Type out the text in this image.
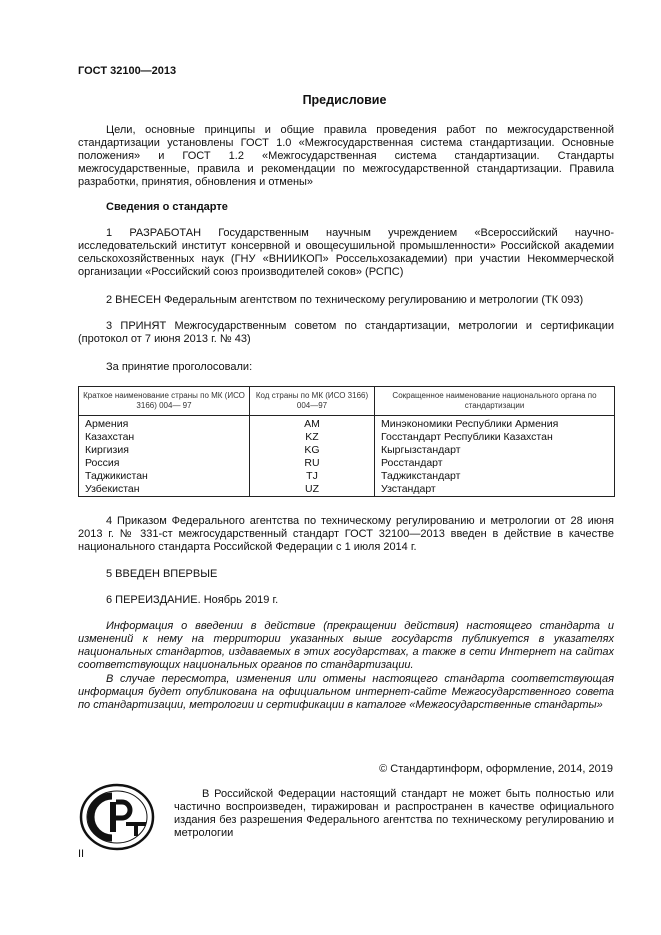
ГОСТ 32100—2013
Предисловие
Цели, основные принципы и общие правила проведения работ по межгосударственной стандартизации установлены ГОСТ 1.0 «Межгосударственная система стандартизации. Основные положения» и ГОСТ 1.2 «Межгосударственная система стандартизации. Стандарты межгосударственные, правила и рекомендации по межгосударственной стандартизации. Правила разработки, принятия, обновления и отмены»
Сведения о стандарте
1 РАЗРАБОТАН Государственным научным учреждением «Всероссийский научно-исследовательский институт консервной и овощесушильной промышленности» Российской академии сельскохозяйственных наук (ГНУ «ВНИИКОП» Россельхозакадемии) при участии Некоммерческой организации «Российский союз производителей соков» (РСПС)
2 ВНЕСЕН Федеральным агентством по техническому регулированию и метрологии (ТК 093)
3 ПРИНЯТ Межгосударственным советом по стандартизации, метрологии и сертификации (протокол от 7 июня 2013 г. № 43)
За принятие проголосовали:
Краткое наименование страны по МК (ИСО 3166) 004— 97	Код страны по МК (ИСО 3166) 004—97	Сокращенное наименование национального органа по стандартизации
Армения	AM	Минэкономики Республики Армения
Казахстан	KZ	Госстандарт Республики Казахстан
Киргизия	KG	Кыргызстандарт
Россия	RU	Росстандарт
Таджикистан	TJ	Таджикстандарт
Узбекистан	UZ	Узстандарт
4 Приказом Федерального агентства по техническому регулированию и метрологии от 28 июня 2013 г. № 331-ст межгосударственный стандарт ГОСТ 32100—2013 введен в действие в качестве национального стандарта Российской Федерации с 1 июля 2014 г.
5 ВВЕДЕН ВПЕРВЫЕ
6 ПЕРЕИЗДАНИЕ. Ноябрь 2019 г.
Информация о введении в действие (прекращении действия) настоящего стандарта и изменений к нему на территории указанных выше государств публикуется в указателях национальных стандартов, издаваемых в этих государствах, а также в сети Интернет на сайтах соответствующих национальных органов по стандартизации.
В случае пересмотра, изменения или отмены настоящего стандарта соответствующая информация будет опубликована на официальном интернет-сайте Межгосударственного совета по стандартизации, метрологии и сертификации в каталоге «Межгосударственные стандарты»
© Стандартинформ, оформление, 2014, 2019
В Российской Федерации настоящий стандарт не может быть полностью или частично воспроизведен, тиражирован и распространен в качестве официального издания без разрешения Федерального агентства по техническому регулированию и метрологии
II
